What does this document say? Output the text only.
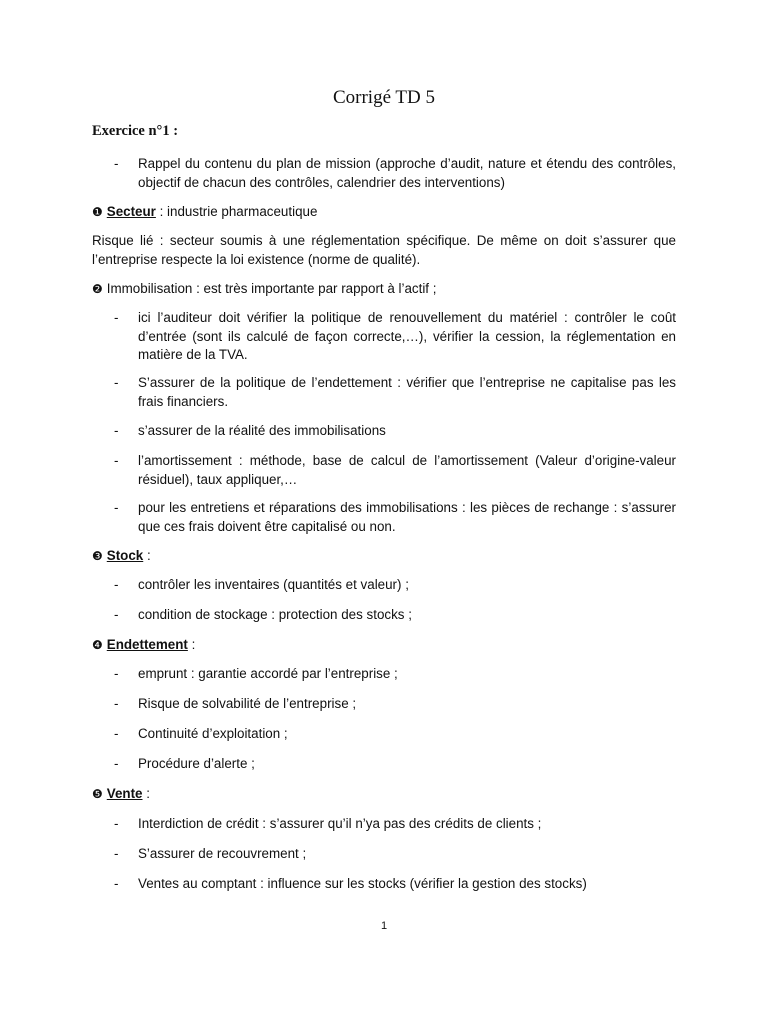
Corrigé TD 5
Exercice n°1 :
- Rappel du contenu du plan de mission (approche d’audit, nature et étendu des contrôles, objectif de chacun des contrôles, calendrier des interventions)
❶ Secteur : industrie pharmaceutique
Risque lié : secteur soumis à une réglementation spécifique. De même on doit s’assurer que l’entreprise respecte la loi existence (norme de qualité).
❷ Immobilisation : est très importante par rapport à l’actif ;
- ici l’auditeur doit vérifier la politique de renouvellement du matériel : contrôler le coût d’entrée (sont ils calculé de façon correcte,…), vérifier la cession, la réglementation en matière de la TVA.
- S’assurer de la politique de l’endettement : vérifier que l’entreprise ne capitalise pas les frais financiers.
- s’assurer de la réalité des immobilisations
- l’amortissement : méthode, base de calcul de l’amortissement (Valeur d’origine-valeur résiduel), taux appliquer,…
- pour les entretiens et réparations des immobilisations : les pièces de rechange : s’assurer que ces frais doivent être capitalisé ou non.
❸ Stock :
- contrôler les inventaires (quantités et valeur) ;
- condition de stockage : protection des stocks ;
❹ Endettement :
- emprunt : garantie accordé par l’entreprise ;
- Risque de solvabilité de l’entreprise ;
- Continuité d’exploitation ;
- Procédure d’alerte ;
❺ Vente :
- Interdiction de crédit : s’assurer qu’il n’ya pas des crédits de clients ;
- S’assurer de recouvrement ;
- Ventes au comptant : influence sur les stocks (vérifier la gestion des stocks)
1
